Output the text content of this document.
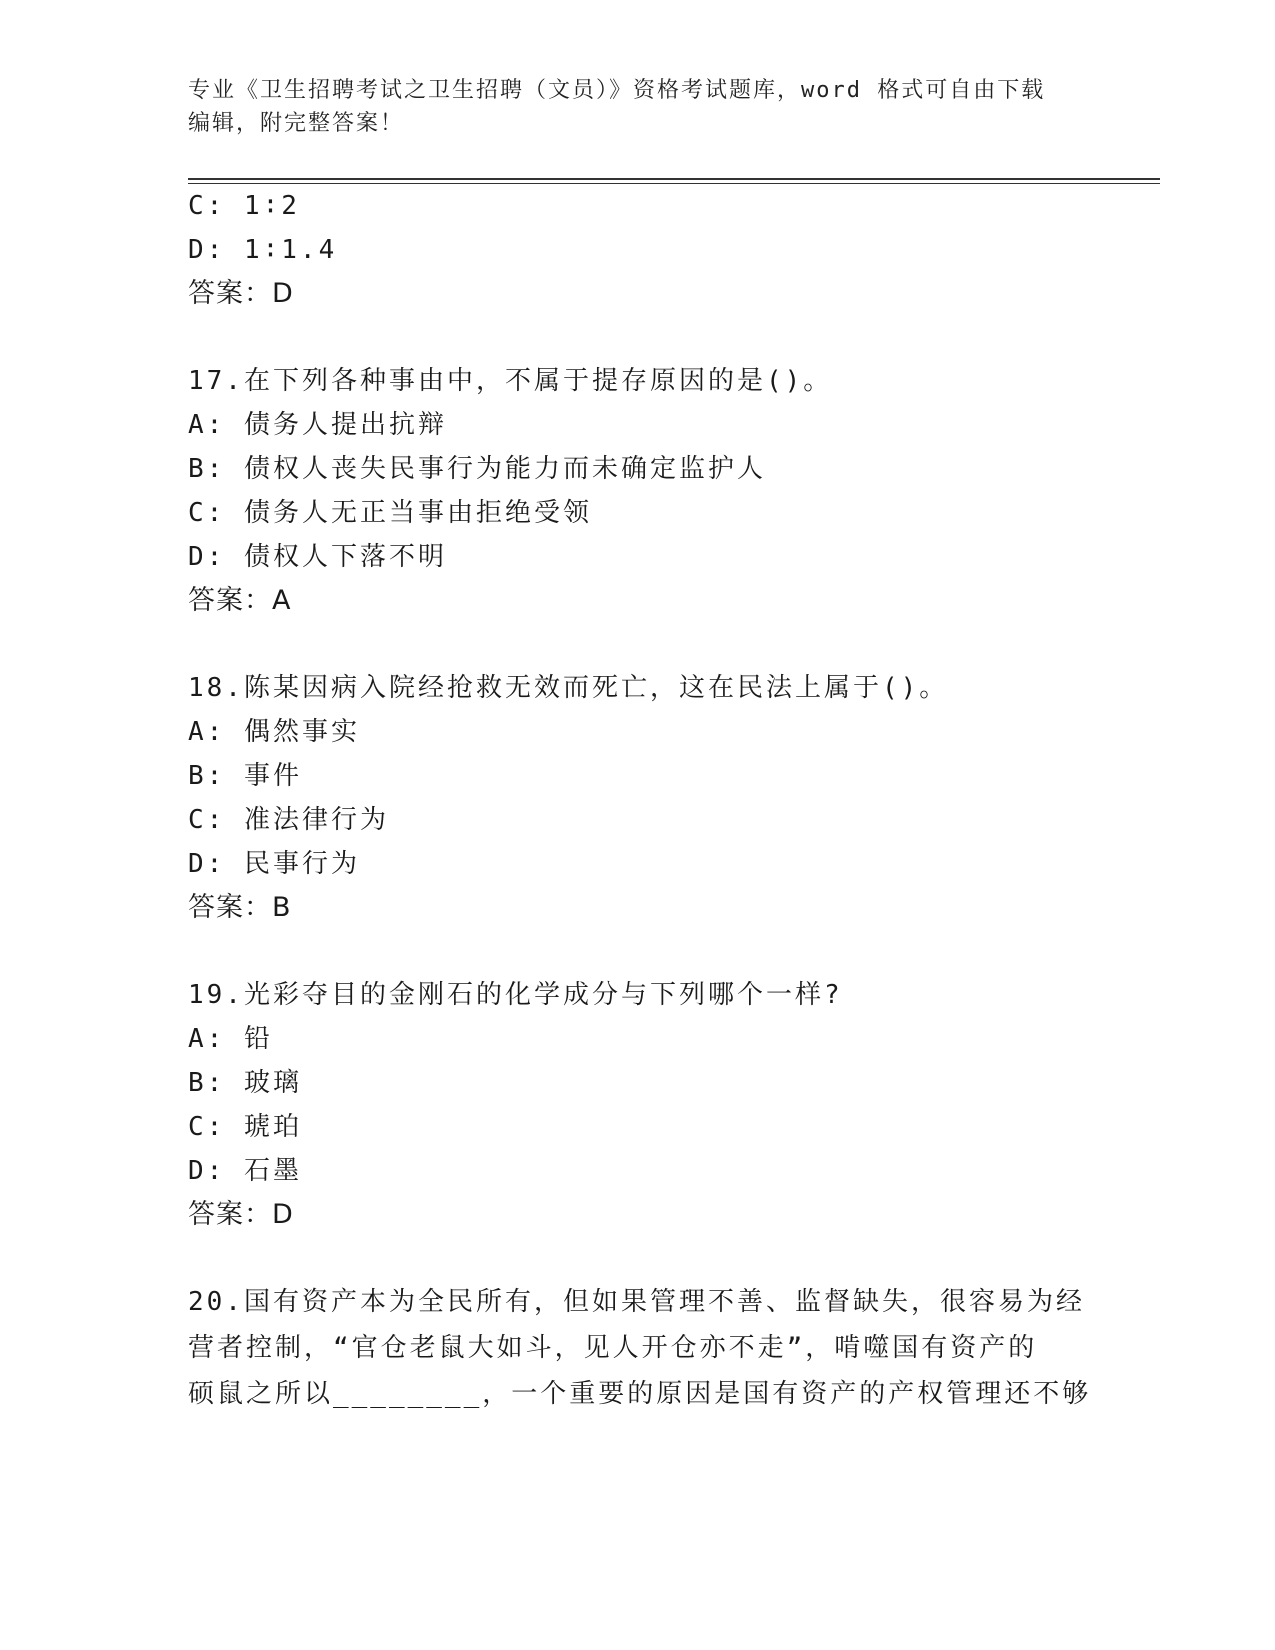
专业《卫生招聘考试之卫生招聘（文员）》资格考试题库，word 格式可自由下载
编辑，附完整答案！
C: 1∶2
D: 1∶1.4
答案：D
17.在下列各种事由中，不属于提存原因的是()。
A: 债务人提出抗辩
B: 债权人丧失民事行为能力而未确定监护人
C: 债务人无正当事由拒绝受领
D: 债权人下落不明
答案：A
18.陈某因病入院经抢救无效而死亡，这在民法上属于()。
A: 偶然事实
B: 事件
C: 准法律行为
D: 民事行为
答案：B
19.光彩夺目的金刚石的化学成分与下列哪个一样?
A: 铅
B: 玻璃
C: 琥珀
D: 石墨
答案：D
20.国有资产本为全民所有，但如果管理不善、监督缺失，很容易为经
营者控制，“官仓老鼠大如斗，见人开仓亦不走”，啃噬国有资产的
硕鼠之所以________，一个重要的原因是国有资产的产权管理还不够
